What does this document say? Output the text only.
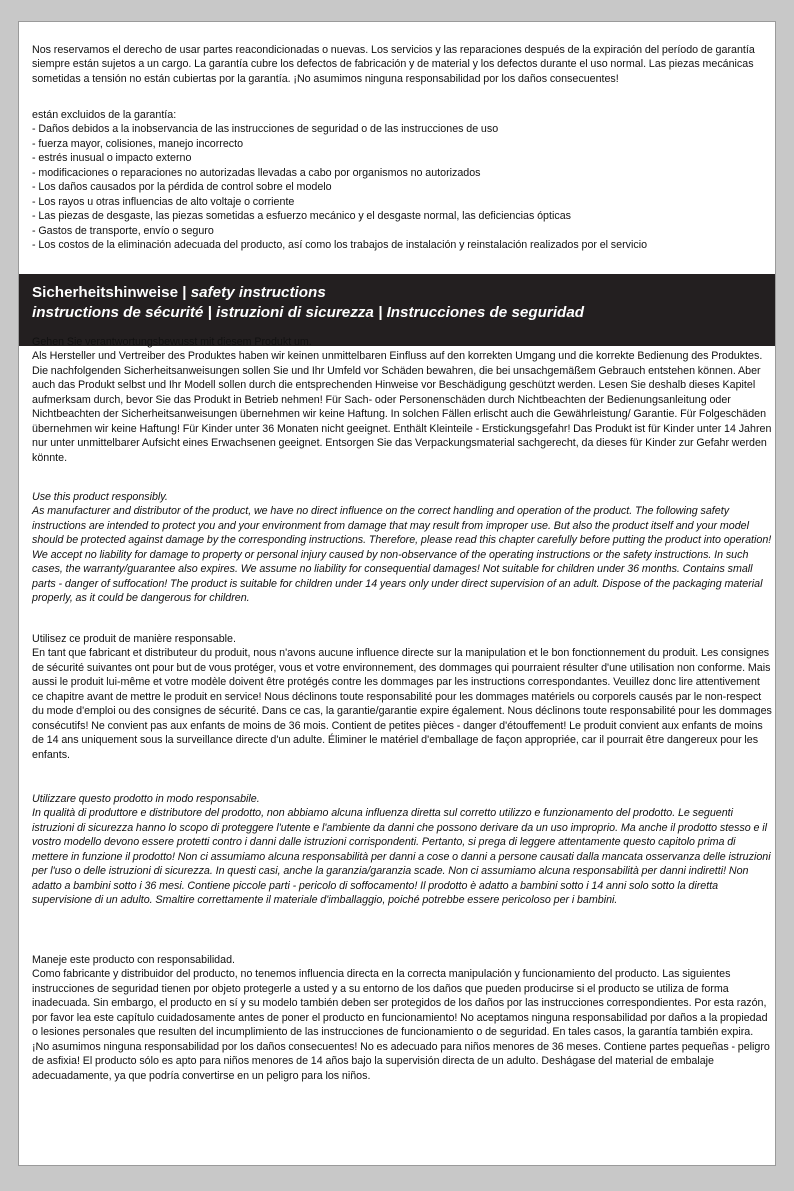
Nos reservamos el derecho de usar partes reacondicionadas o nuevas. Los servicios y las reparaciones después de la expiración del período de garantía siempre están sujetos a un cargo. La garantía cubre los defectos de fabricación y de material y los defectos durante el uso normal. Las piezas mecánicas sometidas a tensión no están cubiertas por la garantía. ¡No asumimos ninguna responsabilidad por los daños consecuentes!

están excluidos de la garantía:

- Daños debidos a la inobservancia de las instrucciones de seguridad o de las instrucciones de uso

- fuerza mayor, colisiones, manejo incorrecto

- estrés inusual o impacto externo

- modificaciones o reparaciones no autorizadas llevadas a cabo por organismos no autorizados

- Los daños causados por la pérdida de control sobre el modelo

- Los rayos u otras influencias de alto voltaje o corriente

- Las piezas de desgaste, las piezas sometidas a esfuerzo mecánico y el desgaste normal, las deficiencias ópticas

- Gastos de transporte, envío o seguro

- Los costos de la eliminación adecuada del producto, así como los trabajos de instalación y reinstalación realizados por el servicio

Sicherheitshinweise | safety instructions
instructions de sécurité | istruzioni di sicurezza | Instrucciones de seguridad

Gehen Sie verantwortungsbewusst mit diesem Produkt um.

Als Hersteller und Vertreiber des Produktes haben wir keinen unmittelbaren Einfluss auf den korrekten Umgang und die korrekte Bedienung des Produktes. Die nachfolgenden Sicherheitsanweisungen sollen Sie und Ihr Umfeld vor Schäden bewahren, die bei unsachgemäßem Gebrauch entstehen können. Aber auch das Produkt selbst und Ihr Modell sollen durch die entsprechenden Hinweise vor Beschädigung geschützt werden. Lesen Sie deshalb dieses Kapitel aufmerksam durch, bevor Sie das Produkt in Betrieb nehmen! Für Sach- oder Personenschäden durch Nichtbeachten der Bedienungsanleitung oder Nichtbeachten der Sicherheitsanweisungen übernehmen wir keine Haftung. In solchen Fällen erlischt auch die Gewährleistung/ Garantie. Für Folgeschäden übernehmen wir keine Haftung! Für Kinder unter 36 Monaten nicht geeignet. Enthält Kleinteile - Erstickungsgefahr! Das Produkt ist für Kinder unter 14 Jahren nur unter unmittelbarer Aufsicht eines Erwachsenen geeignet. Entsorgen Sie das Verpackungsmaterial sachgerecht, da dieses für Kinder zur Gefahr werden könnte.

Use this product responsibly.

As manufacturer and distributor of the product, we have no direct influence on the correct handling and operation of the product. The following safety instructions are intended to protect you and your environment from damage that may result from improper use. But also the product itself and your model should be protected against damage by the corresponding instructions. Therefore, please read this chapter carefully before putting the product into operation! We accept no liability for damage to property or personal injury caused by non-observance of the operating instructions or the safety instructions. In such cases, the warranty/guarantee also expires. We assume no liability for consequential damages! Not suitable for children under 36 months. Contains small parts - danger of suffocation! The product is suitable for children under 14 years only under direct supervision of an adult. Dispose of the packaging material properly, as it could be dangerous for children.

Utilisez ce produit de manière responsable.

En tant que fabricant et distributeur du produit, nous n'avons aucune influence directe sur la manipulation et le bon fonctionnement du produit. Les consignes de sécurité suivantes ont pour but de vous protéger, vous et votre environnement, des dommages qui pourraient résulter d'une utilisation non conforme. Mais aussi le produit lui-même et votre modèle doivent être protégés contre les dommages par les instructions correspondantes. Veuillez donc lire attentivement ce chapitre avant de mettre le produit en service! Nous déclinons toute responsabilité pour les dommages matériels ou corporels causés par le non-respect du mode d'emploi ou des consignes de sécurité. Dans ce cas, la garantie/garantie expire également. Nous déclinons toute responsabilité pour les dommages consécutifs! Ne convient pas aux enfants de moins de 36 mois. Contient de petites pièces - danger d'étouffement! Le produit convient aux enfants de moins de 14 ans uniquement sous la surveillance directe d'un adulte. Éliminer le matériel d'emballage de façon appropriée, car il pourrait être dangereux pour les enfants.

Utilizzare questo prodotto in modo responsabile.

In qualità di produttore e distributore del prodotto, non abbiamo alcuna influenza diretta sul corretto utilizzo e funzionamento del prodotto. Le seguenti istruzioni di sicurezza hanno lo scopo di proteggere l'utente e l'ambiente da danni che possono derivare da un uso improprio. Ma anche il prodotto stesso e il vostro modello devono essere protetti contro i danni dalle istruzioni corrispondenti. Pertanto, si prega di leggere attentamente questo capitolo prima di mettere in funzione il prodotto! Non ci assumiamo alcuna responsabilità per danni a cose o danni a persone causati dalla mancata osservanza delle istruzioni per l'uso o delle istruzioni di sicurezza. In questi casi, anche la garanzia/garanzia scade. Non ci assumiamo alcuna responsabilità per danni indiretti! Non adatto a bambini sotto i 36 mesi. Contiene piccole parti - pericolo di soffocamento! Il prodotto è adatto a bambini sotto i 14 anni solo sotto la diretta supervisione di un adulto. Smaltire correttamente il materiale d'imballaggio, poiché potrebbe essere pericoloso per i bambini.

Maneje este producto con responsabilidad.

Como fabricante y distribuidor del producto, no tenemos influencia directa en la correcta manipulación y funcionamiento del producto. Las siguientes instrucciones de seguridad tienen por objeto protegerle a usted y a su entorno de los daños que pueden producirse si el producto se utiliza de forma inadecuada. Sin embargo, el producto en sí y su modelo también deben ser protegidos de los daños por las instrucciones correspondientes. Por esta razón, por favor lea este capítulo cuidadosamente antes de poner el producto en funcionamiento! No aceptamos ninguna responsabilidad por daños a la propiedad o lesiones personales que resulten del incumplimiento de las instrucciones de funcionamiento o de seguridad. En tales casos, la garantía también expira. ¡No asumimos ninguna responsabilidad por los daños consecuentes! No es adecuado para niños menores de 36 meses. Contiene partes pequeñas - peligro de asfixia! El producto sólo es apto para niños menores de 14 años bajo la supervisión directa de un adulto. Deshágase del material de embalaje adecuadamente, ya que podría convertirse en un peligro para los niños.
